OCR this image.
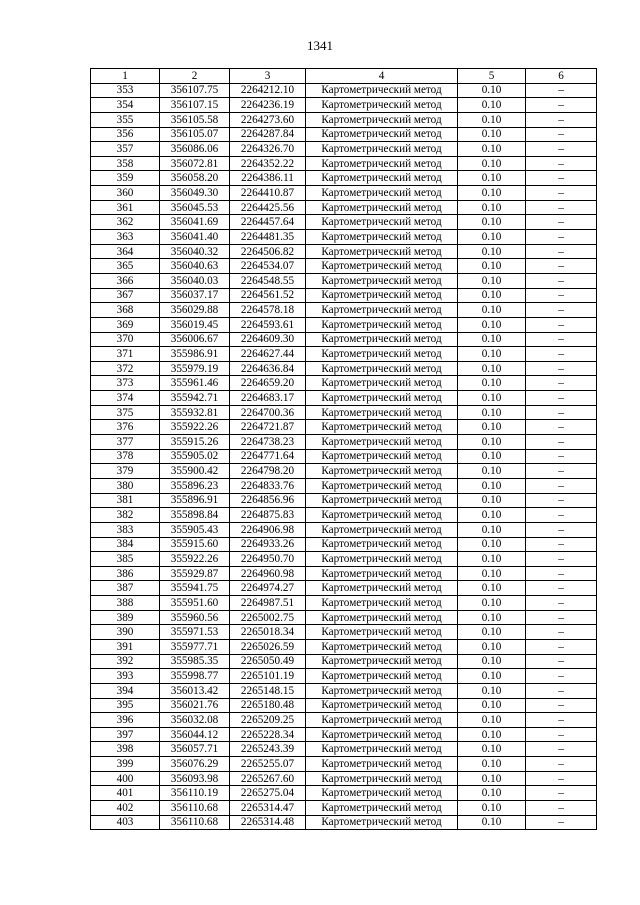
1341
1	2	3	4	5	6
353	356107.75	2264212.10	Картометрический метод	0.10	–
354	356107.15	2264236.19	Картометрический метод	0.10	–
355	356105.58	2264273.60	Картометрический метод	0.10	–
356	356105.07	2264287.84	Картометрический метод	0.10	–
357	356086.06	2264326.70	Картометрический метод	0.10	–
358	356072.81	2264352.22	Картометрический метод	0.10	–
359	356058.20	2264386.11	Картометрический метод	0.10	–
360	356049.30	2264410.87	Картометрический метод	0.10	–
361	356045.53	2264425.56	Картометрический метод	0.10	–
362	356041.69	2264457.64	Картометрический метод	0.10	–
363	356041.40	2264481.35	Картометрический метод	0.10	–
364	356040.32	2264506.82	Картометрический метод	0.10	–
365	356040.63	2264534.07	Картометрический метод	0.10	–
366	356040.03	2264548.55	Картометрический метод	0.10	–
367	356037.17	2264561.52	Картометрический метод	0.10	–
368	356029.88	2264578.18	Картометрический метод	0.10	–
369	356019.45	2264593.61	Картометрический метод	0.10	–
370	356006.67	2264609.30	Картометрический метод	0.10	–
371	355986.91	2264627.44	Картометрический метод	0.10	–
372	355979.19	2264636.84	Картометрический метод	0.10	–
373	355961.46	2264659.20	Картометрический метод	0.10	–
374	355942.71	2264683.17	Картометрический метод	0.10	–
375	355932.81	2264700.36	Картометрический метод	0.10	–
376	355922.26	2264721.87	Картометрический метод	0.10	–
377	355915.26	2264738.23	Картометрический метод	0.10	–
378	355905.02	2264771.64	Картометрический метод	0.10	–
379	355900.42	2264798.20	Картометрический метод	0.10	–
380	355896.23	2264833.76	Картометрический метод	0.10	–
381	355896.91	2264856.96	Картометрический метод	0.10	–
382	355898.84	2264875.83	Картометрический метод	0.10	–
383	355905.43	2264906.98	Картометрический метод	0.10	–
384	355915.60	2264933.26	Картометрический метод	0.10	–
385	355922.26	2264950.70	Картометрический метод	0.10	–
386	355929.87	2264960.98	Картометрический метод	0.10	–
387	355941.75	2264974.27	Картометрический метод	0.10	–
388	355951.60	2264987.51	Картометрический метод	0.10	–
389	355960.56	2265002.75	Картометрический метод	0.10	–
390	355971.53	2265018.34	Картометрический метод	0.10	–
391	355977.71	2265026.59	Картометрический метод	0.10	–
392	355985.35	2265050.49	Картометрический метод	0.10	–
393	355998.77	2265101.19	Картометрический метод	0.10	–
394	356013.42	2265148.15	Картометрический метод	0.10	–
395	356021.76	2265180.48	Картометрический метод	0.10	–
396	356032.08	2265209.25	Картометрический метод	0.10	–
397	356044.12	2265228.34	Картометрический метод	0.10	–
398	356057.71	2265243.39	Картометрический метод	0.10	–
399	356076.29	2265255.07	Картометрический метод	0.10	–
400	356093.98	2265267.60	Картометрический метод	0.10	–
401	356110.19	2265275.04	Картометрический метод	0.10	–
402	356110.68	2265314.47	Картометрический метод	0.10	–
403	356110.68	2265314.48	Картометрический метод	0.10	–
